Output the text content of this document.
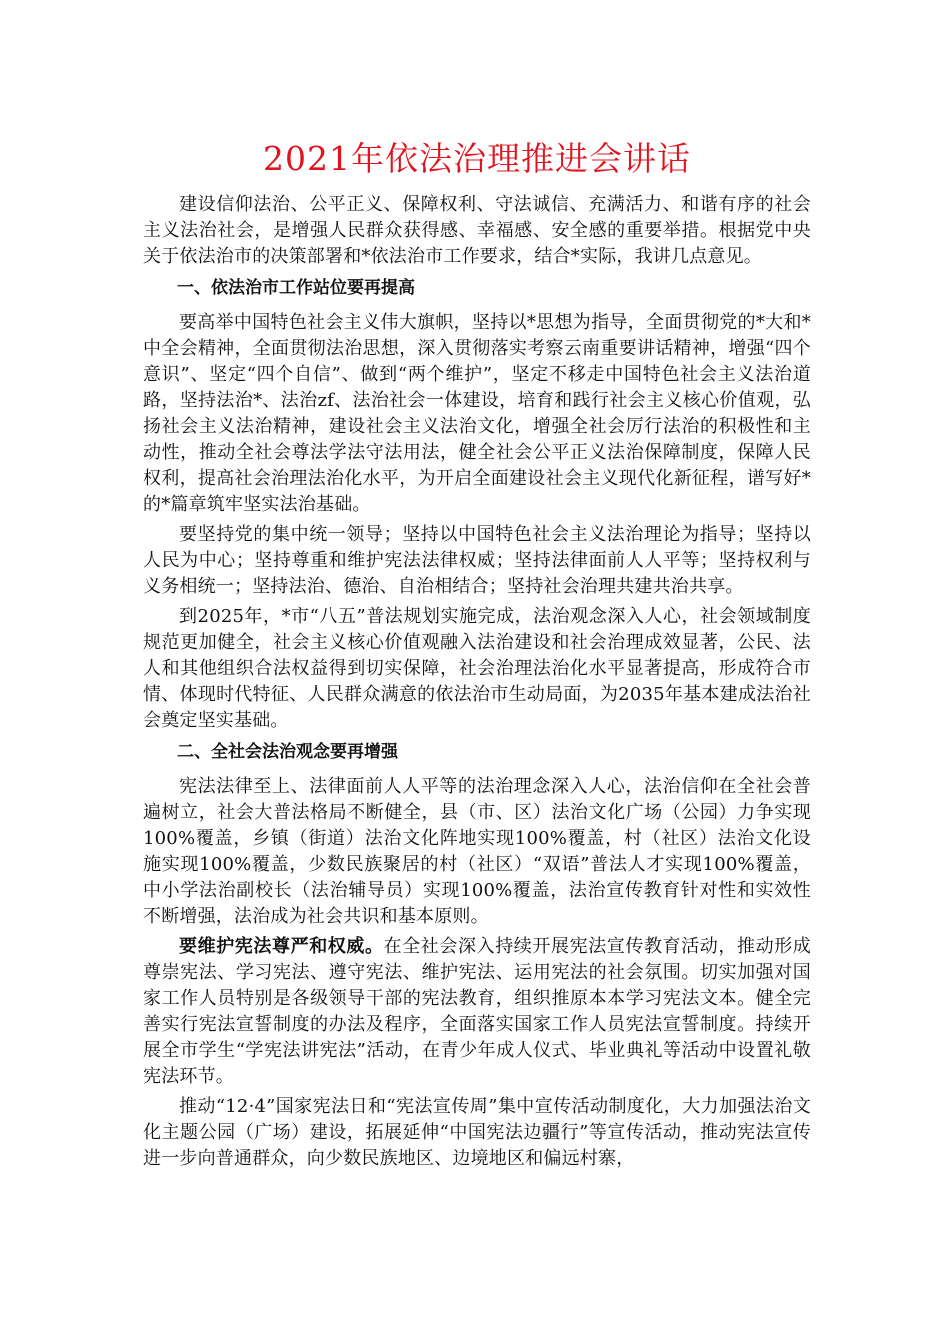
2021年依法治理推进会讲话

建设信仰法治、公平正义、保障权利、守法诚信、充满活力、和谐有序的社会主义法治社会，是增强人民群众获得感、幸福感、安全感的重要举措。根据党中央关于依法治市的决策部署和*依法治市工作要求，结合*实际，我讲几点意见。

一、依法治市工作站位要再提高

要高举中国特色社会主义伟大旗帜，坚持以*思想为指导，全面贯彻党的*大和*中全会精神，全面贯彻法治思想，深入贯彻落实考察云南重要讲话精神，增强“四个意识”、坚定“四个自信”、做到“两个维护”，坚定不移走中国特色社会主义法治道路，坚持法治*、法治zf、法治社会一体建设，培育和践行社会主义核心价值观，弘扬社会主义法治精神，建设社会主义法治文化，增强全社会厉行法治的积极性和主动性，推动全社会尊法学法守法用法，健全社会公平正义法治保障制度，保障人民权利，提高社会治理法治化水平，为开启全面建设社会主义现代化新征程，谱写好*的*篇章筑牢坚实法治基础。

要坚持党的集中统一领导；坚持以中国特色社会主义法治理论为指导；坚持以人民为中心；坚持尊重和维护宪法法律权威；坚持法律面前人人平等；坚持权利与义务相统一；坚持法治、德治、自治相结合；坚持社会治理共建共治共享。

到2025年，*市“八五”普法规划实施完成，法治观念深入人心，社会领域制度规范更加健全，社会主义核心价值观融入法治建设和社会治理成效显著，公民、法人和其他组织合法权益得到切实保障，社会治理法治化水平显著提高，形成符合市情、体现时代特征、人民群众满意的依法治市生动局面，为2035年基本建成法治社会奠定坚实基础。

二、全社会法治观念要再增强

宪法法律至上、法律面前人人平等的法治理念深入人心，法治信仰在全社会普遍树立，社会大普法格局不断健全，县（市、区）法治文化广场（公园）力争实现100%覆盖，乡镇（街道）法治文化阵地实现100%覆盖，村（社区）法治文化设施实现100%覆盖，少数民族聚居的村（社区）“双语”普法人才实现100%覆盖，中小学法治副校长（法治辅导员）实现100%覆盖，法治宣传教育针对性和实效性不断增强，法治成为社会共识和基本原则。

要维护宪法尊严和权威。在全社会深入持续开展宪法宣传教育活动，推动形成尊崇宪法、学习宪法、遵守宪法、维护宪法、运用宪法的社会氛围。切实加强对国家工作人员特别是各级领导干部的宪法教育，组织推原本本学习宪法文本。健全完善实行宪法宣誓制度的办法及程序，全面落实国家工作人员宪法宣誓制度。持续开展全市学生“学宪法讲宪法”活动，在青少年成人仪式、毕业典礼等活动中设置礼敬宪法环节。

推动“12·4”国家宪法日和“宪法宣传周”集中宣传活动制度化，大力加强法治文化主题公园（广场）建设，拓展延伸“中国宪法边疆行”等宣传活动，推动宪法宣传进一步向普通群众，向少数民族地区、边境地区和偏远村寨，
